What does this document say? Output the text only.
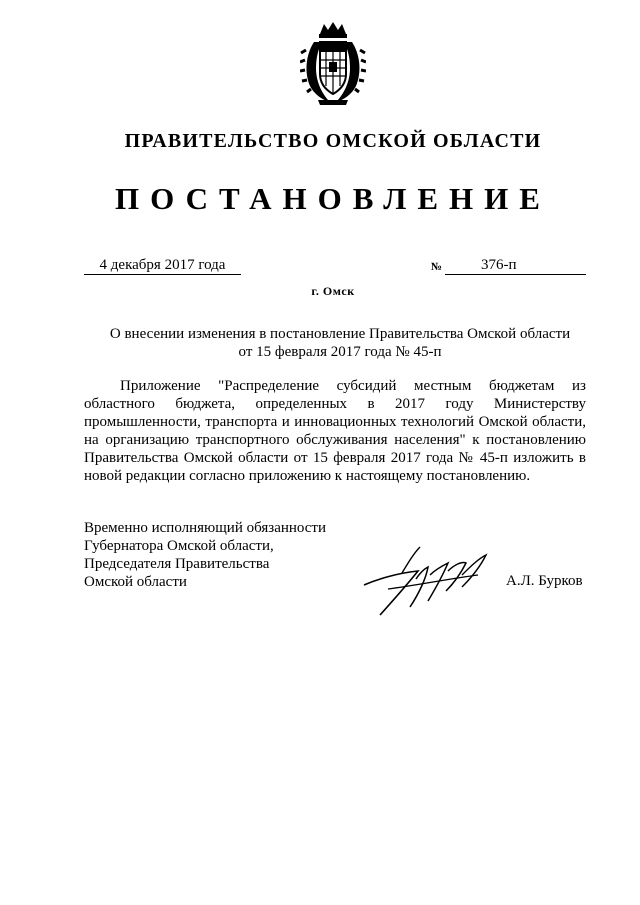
ПРАВИТЕЛЬСТВО ОМСКОЙ ОБЛАСТИ
ПОСТАНОВЛЕНИЕ
4 декабря 2017 года	№	376-п
г. Омск
О внесении изменения в постановление Правительства Омской области
от 15 февраля 2017 года № 45-п

Приложение "Распределение субсидий местным бюджетам из областного бюджета, определенных в 2017 году Министерству промышленности, транспорта и инновационных технологий Омской области, на организацию транспортного обслуживания населения" к постановлению Правительства Омской области от 15 февраля 2017 года № 45-п изложить в новой редакции согласно приложению к настоящему постановлению.

Временно исполняющий обязанности
Губернатора Омской области,
Председателя Правительства
Омской области	А.Л. Бурков
